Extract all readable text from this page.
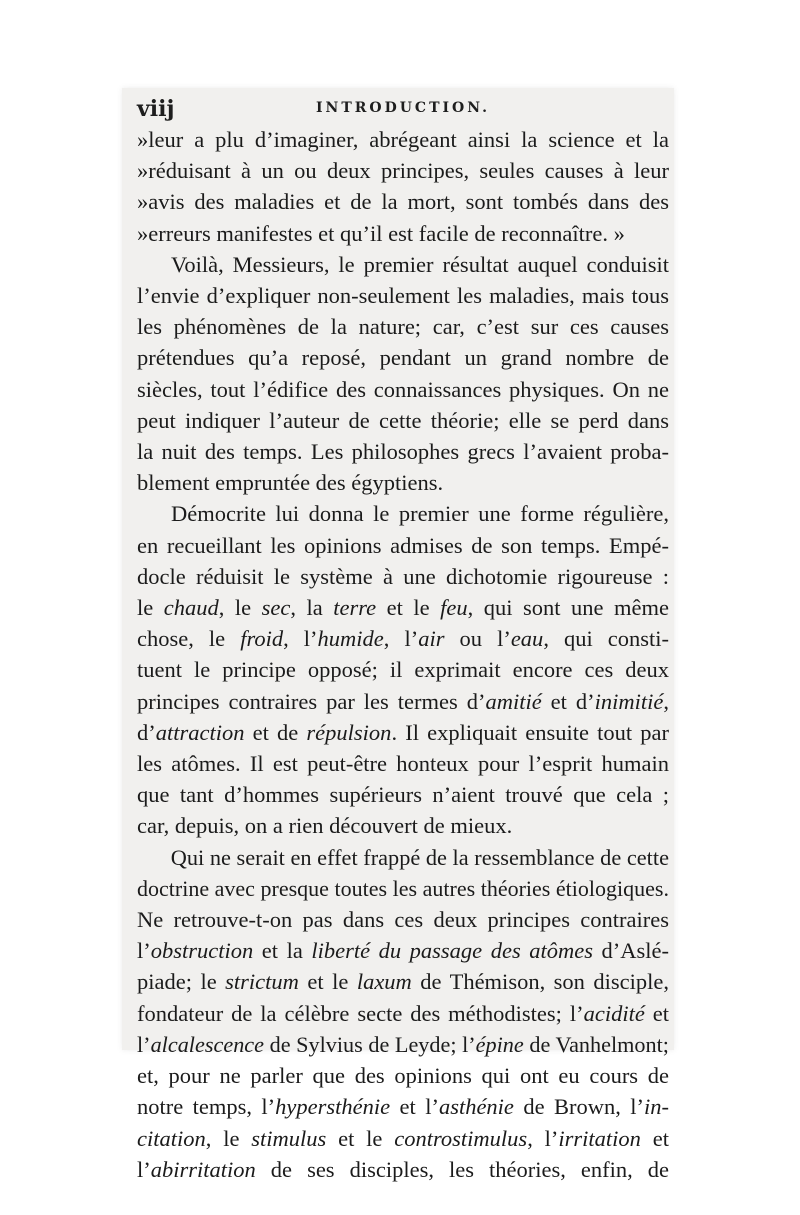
viij	INTRODUCTION.

»leur a plu d’imaginer, abrégeant ainsi la science et la

»réduisant à un ou deux principes, seules causes à leur

»avis des maladies et de la mort, sont tombés dans des

»erreurs manifestes et qu’il est facile de reconnaître. »

Voilà, Messieurs, le premier résultat auquel conduisit

l’envie d’expliquer non-seulement les maladies, mais tous

les phénomènes de la nature; car, c’est sur ces causes

prétendues qu’a reposé, pendant un grand nombre de

siècles, tout l’édifice des connaissances physiques. On ne

peut indiquer l’auteur de cette théorie; elle se perd dans

la nuit des temps. Les philosophes grecs l’avaient proba-

blement empruntée des égyptiens.

Démocrite lui donna le premier une forme régulière,

en recueillant les opinions admises de son temps. Empé-

docle réduisit le système à une dichotomie rigoureuse :

le chaud, le sec, la terre et le feu, qui sont une même

chose, le froid, l’humide, l’air ou l’eau, qui consti-

tuent le principe opposé; il exprimait encore ces deux

principes contraires par les termes d’amitié et d’inimitié,

d’attraction et de répulsion. Il expliquait ensuite tout par

les atômes. Il est peut-être honteux pour l’esprit humain

que tant d’hommes supérieurs n’aient trouvé que cela ;

car, depuis, on a rien découvert de mieux.

Qui ne serait en effet frappé de la ressemblance de cette

doctrine avec presque toutes les autres théories étiologiques.

Ne retrouve-t-on pas dans ces deux principes contraires

l’obstruction et la liberté du passage des atômes d’Aslé-

piade; le strictum et le laxum de Thémison, son disciple,

fondateur de la célèbre secte des méthodistes; l’acidité et

l’alcalescence de Sylvius de Leyde; l’épine de Vanhelmont;

et, pour ne parler que des opinions qui ont eu cours de

notre temps, l’hypersthénie et l’asthénie de Brown, l’in-

citation, le stimulus et le controstimulus, l’irritation et

l’abirritation de ses disciples, les théories, enfin, de
